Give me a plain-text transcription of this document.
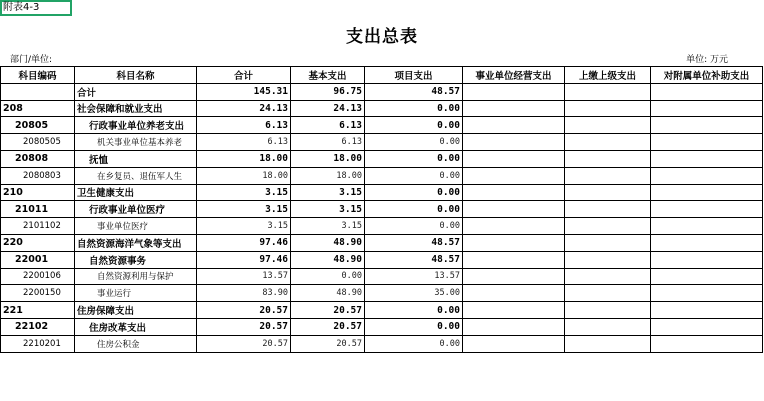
附表4-3
支出总表
部门/单位:	单位: 万元
科目编码	科目名称	合计	基本支出	项目支出	事业单位经营支出	上缴上级支出	对附属单位补助支出
	合计	145.31	96.75	48.57			
208	社会保障和就业支出	24.13	24.13	0.00			
20805	行政事业单位养老支出	6.13	6.13	0.00			
2080505	机关事业单位基本养老	6.13	6.13	0.00			
20808	抚恤	18.00	18.00	0.00			
2080803	在乡复员、退伍军人生	18.00	18.00	0.00			
210	卫生健康支出	3.15	3.15	0.00			
21011	行政事业单位医疗	3.15	3.15	0.00			
2101102	事业单位医疗	3.15	3.15	0.00			
220	自然资源海洋气象等支出	97.46	48.90	48.57			
22001	自然资源事务	97.46	48.90	48.57			
2200106	自然资源利用与保护	13.57	0.00	13.57			
2200150	事业运行	83.90	48.90	35.00			
221	住房保障支出	20.57	20.57	0.00			
22102	住房改革支出	20.57	20.57	0.00			
2210201	住房公积金	20.57	20.57	0.00			
